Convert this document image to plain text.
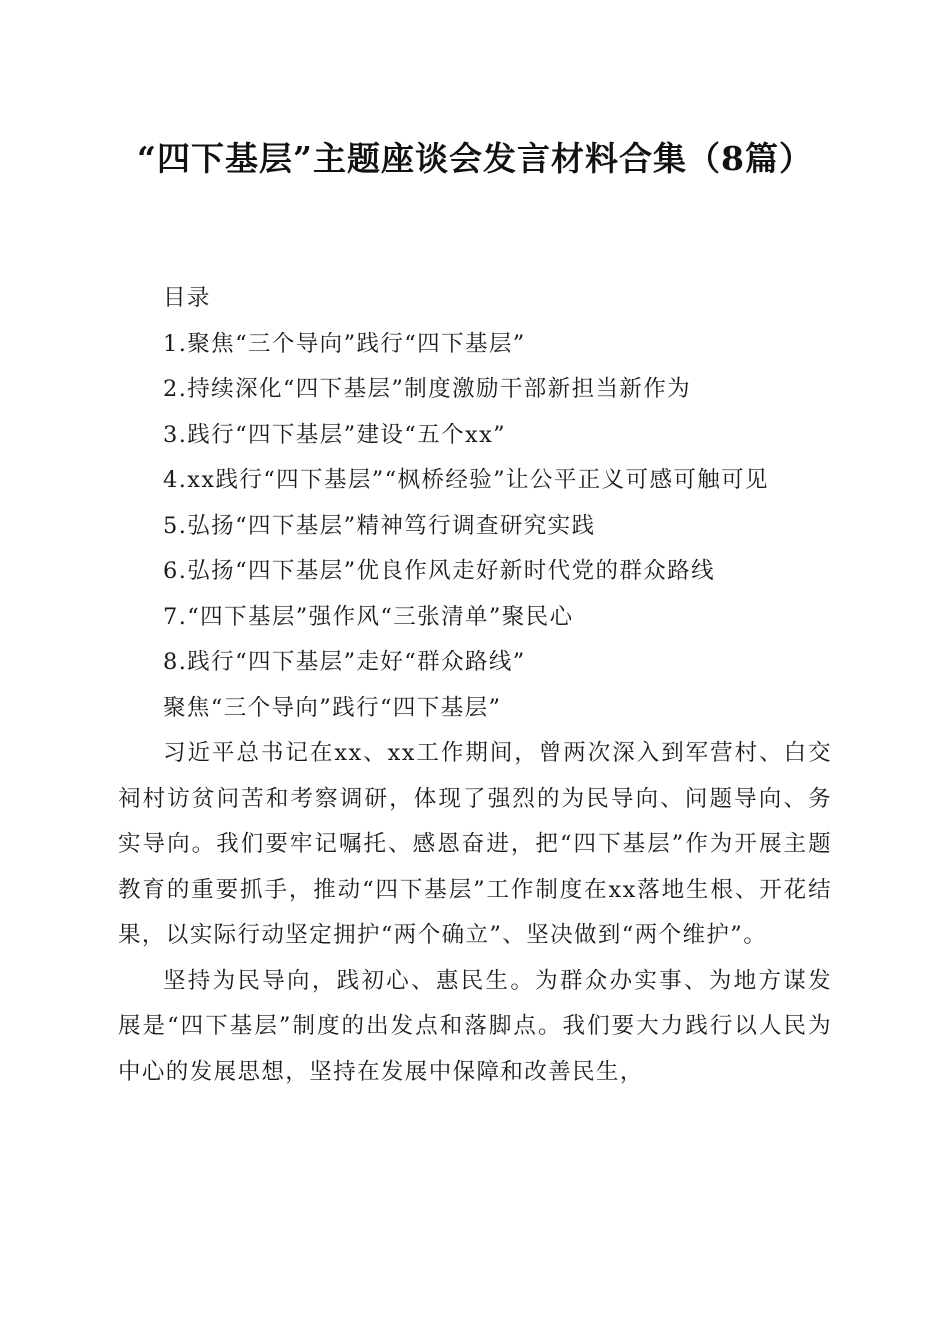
“四下基层”主题座谈会发言材料合集（8篇）

目录

1.聚焦“三个导向”践行“四下基层”

2.持续深化“四下基层”制度激励干部新担当新作为

3.践行“四下基层”建设“五个xx”

4.xx践行“四下基层”“枫桥经验”让公平正义可感可触可见

5.弘扬“四下基层”精神笃行调查研究实践

6.弘扬“四下基层”优良作风走好新时代党的群众路线

7.“四下基层”强作风“三张清单”聚民心

8.践行“四下基层”走好“群众路线”

聚焦“三个导向”践行“四下基层”

习近平总书记在xx、xx工作期间，曾两次深入到军营村、白交祠村访贫问苦和考察调研，体现了强烈的为民导向、问题导向、务实导向。我们要牢记嘱托、感恩奋进，把“四下基层”作为开展主题教育的重要抓手，推动“四下基层”工作制度在xx落地生根、开花结果，以实际行动坚定拥护“两个确立”、坚决做到“两个维护”。

坚持为民导向，践初心、惠民生。为群众办实事、为地方谋发展是“四下基层”制度的出发点和落脚点。我们要大力践行以人民为中心的发展思想，坚持在发展中保障和改善民生，
